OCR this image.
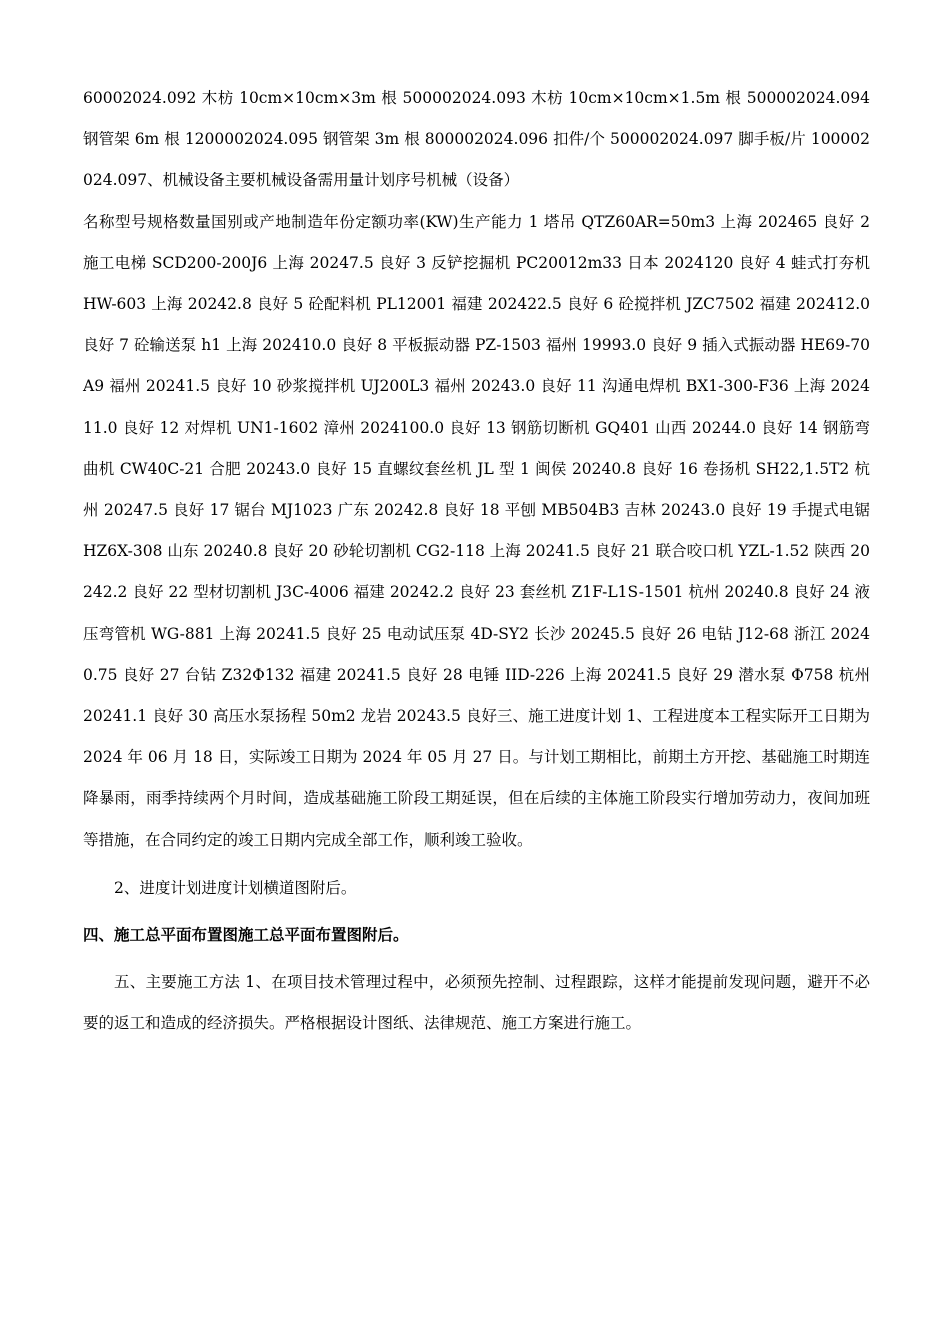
60002024.092 木枋 10cm×10cm×3m 根 500002024.093 木枋 10cm×10cm×1.5m 根 500002024.094 钢管架 6m 根 1200002024.095 钢管架 3m 根 800002024.096 扣件/个 500002024.097 脚手板/片 100002024.097、机械设备主要机械设备需用量计划序号机械（设备）

名称型号规格数量国别或产地制造年份定额功率(KW)生产能力 1 塔吊 QTZ60AR=50m3 上海 202465 良好 2 施工电梯 SCD200-200J6 上海 20247.5 良好 3 反铲挖掘机 PC20012m33 日本 2024120 良好 4 蛙式打夯机 HW-603 上海 20242.8 良好 5 砼配料机 PL12001 福建 202422.5 良好 6 砼搅拌机 JZC7502 福建 202412.0 良好 7 砼输送泵 h1 上海 202410.0 良好 8 平板振动器 PZ-1503 福州 19993.0 良好 9 插入式振动器 HE69-70A9 福州 20241.5 良好 10 砂浆搅拌机 UJ200L3 福州 20243.0 良好 11 沟通电焊机 BX1-300-F36 上海 202411.0 良好 12 对焊机 UN1-1602 漳州 2024100.0 良好 13 钢筋切断机 GQ401 山西 20244.0 良好 14 钢筋弯曲机 CW40C-21 合肥 20243.0 良好 15 直螺纹套丝机 JL 型 1 闽侯 20240.8 良好 16 卷扬机 SH22,1.5T2 杭州 20247.5 良好 17 锯台 MJ1023 广东 20242.8 良好 18 平刨 MB504B3 吉林 20243.0 良好 19 手提式电锯 HZ6X-308 山东 20240.8 良好 20 砂轮切割机 CG2-118 上海 20241.5 良好 21 联合咬口机 YZL-1.52 陕西 20242.2 良好 22 型材切割机 J3C-4006 福建 20242.2 良好 23 套丝机 Z1F-L1S-1501 杭州 20240.8 良好 24 液压弯管机 WG-881 上海 20241.5 良好 25 电动试压泵 4D-SY2 长沙 20245.5 良好 26 电钻 J12-68 浙江 20240.75 良好 27 台钻 Z32Φ132 福建 20241.5 良好 28 电锤 IID-226 上海 20241.5 良好 29 潜水泵 Φ758 杭州 20241.1 良好 30 高压水泵扬程 50m2 龙岩 20243.5 良好三、施工进度计划 1、工程进度本工程实际开工日期为 2024 年 06 月 18 日，实际竣工日期为 2024 年 05 月 27 日。与计划工期相比，前期土方开挖、基础施工时期连降暴雨，雨季持续两个月时间，造成基础施工阶段工期延误，但在后续的主体施工阶段实行增加劳动力，夜间加班等措施，在合同约定的竣工日期内完成全部工作，顺利竣工验收。

2、进度计划进度计划横道图附后。

四、施工总平面布置图施工总平面布置图附后。

五、主要施工方法 1、在项目技术管理过程中，必须预先控制、过程跟踪，这样才能提前发现问题，避开不必要的返工和造成的经济损失。严格根据设计图纸、法律规范、施工方案进行施工。
